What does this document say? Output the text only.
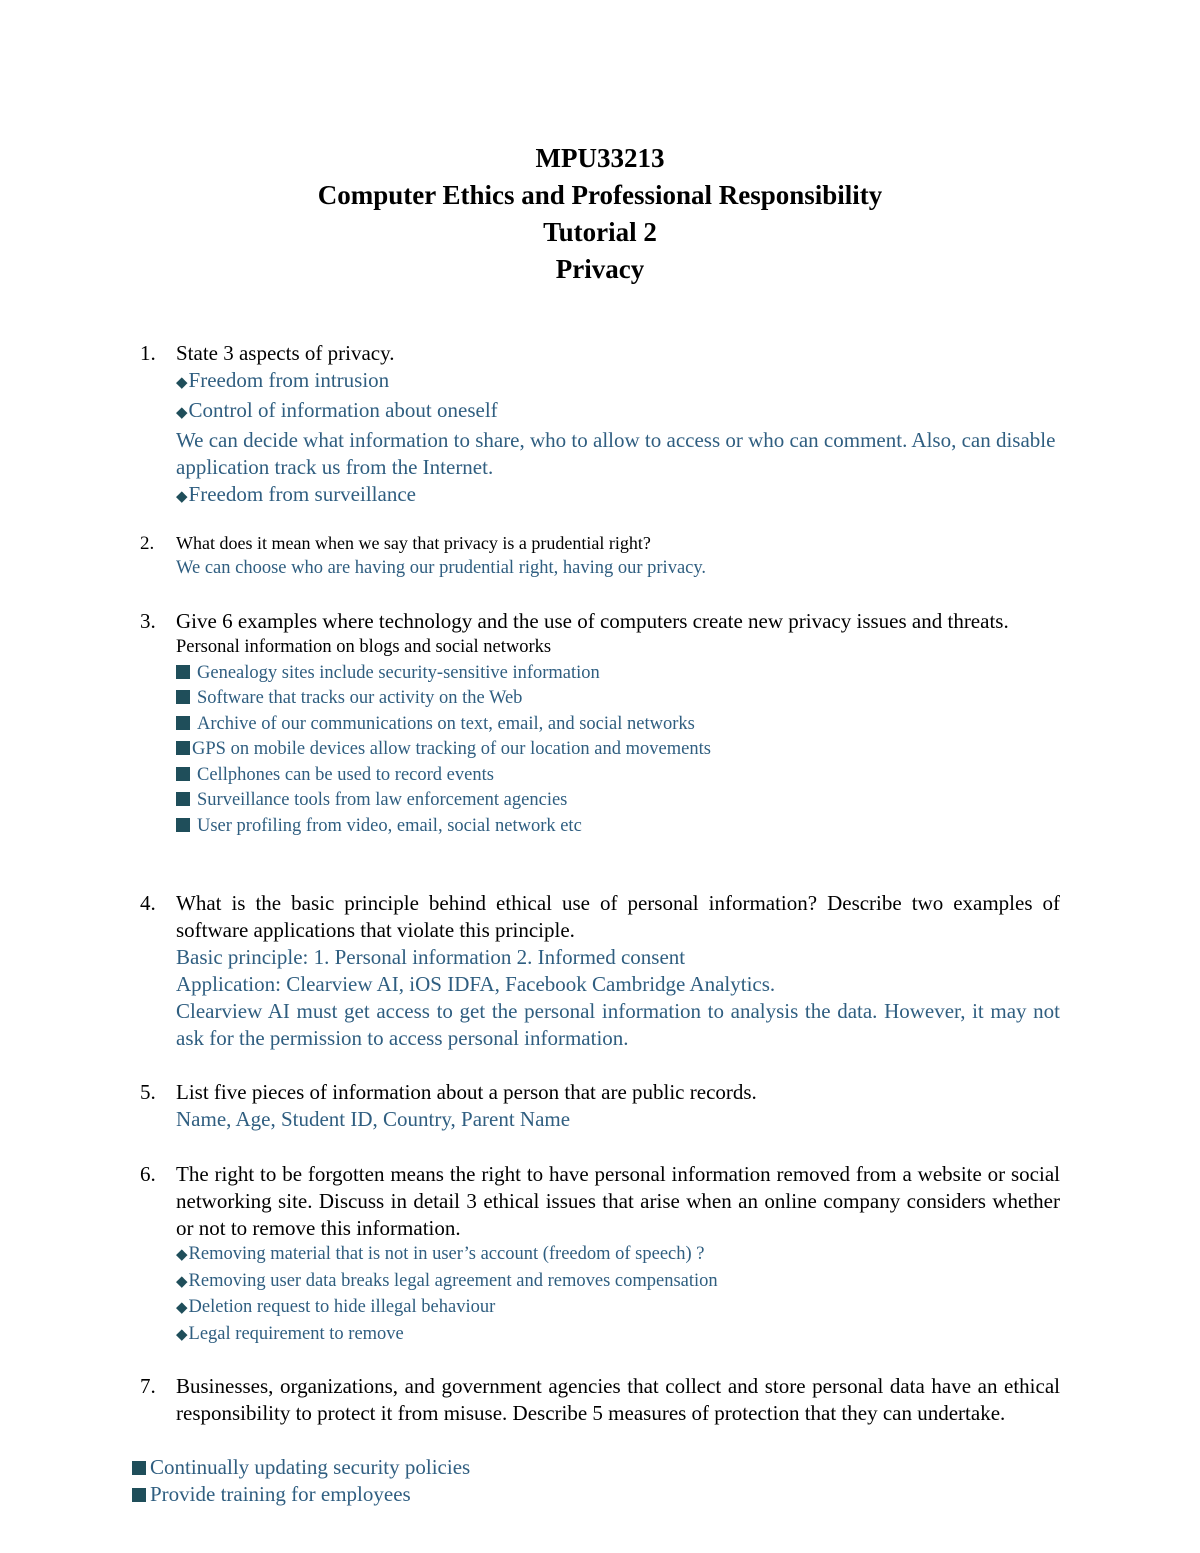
MPU33213
Computer Ethics and Professional Responsibility
Tutorial 2
Privacy
1. State 3 aspects of privacy.
◆Freedom from intrusion
◆Control of information about oneself
We can decide what information to share, who to allow to access or who can comment. Also, can disable application track us from the Internet.
◆Freedom from surveillance
2. What does it mean when we say that privacy is a prudential right?
We can choose who are having our prudential right, having our privacy.
3. Give 6 examples where technology and the use of computers create new privacy issues and threats.
Personal information on blogs and social networks
Genealogy sites include security-sensitive information
Software that tracks our activity on the Web
Archive of our communications on text, email, and social networks
GPS on mobile devices allow tracking of our location and movements
Cellphones can be used to record events
Surveillance tools from law enforcement agencies
User profiling from video, email, social network etc
4. What is the basic principle behind ethical use of personal information? Describe two examples of software applications that violate this principle.
Basic principle: 1. Personal information 2. Informed consent
Application: Clearview AI, iOS IDFA, Facebook Cambridge Analytics.
Clearview AI must get access to get the personal information to analysis the data. However, it may not ask for the permission to access personal information.
5. List five pieces of information about a person that are public records.
Name, Age, Student ID, Country, Parent Name
6. The right to be forgotten means the right to have personal information removed from a website or social networking site. Discuss in detail 3 ethical issues that arise when an online company considers whether or not to remove this information.
◆Removing material that is not in user’s account (freedom of speech) ?
◆Removing user data breaks legal agreement and removes compensation
◆Deletion request to hide illegal behaviour
◆Legal requirement to remove
7. Businesses, organizations, and government agencies that collect and store personal data have an ethical responsibility to protect it from misuse. Describe 5 measures of protection that they can undertake.
Continually updating security policies
Provide training for employees
